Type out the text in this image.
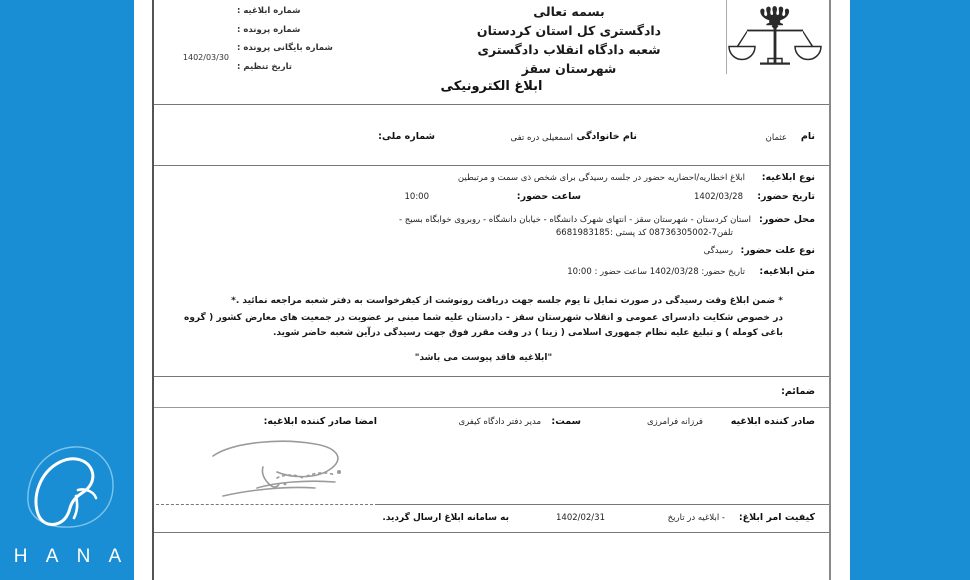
H A N A
بسمه تعالی
دادگستری کل استان کردستان
شعبه دادگاه انقلاب دادگستری
شهرستان سقز
شماره ابلاغیه :
شماره پرونده :
شماره بایگانی پرونده :
تاریخ تنظیم :
1402/03/30
ابلاغ الکترونیکی
نام
عثمان
نام خانوادگی
اسمعیلی دره تفی
شماره ملی:
نوع ابلاغیه:
ابلاغ اخطاریه/احضاریه حضور در جلسه رسیدگی برای شخص ذی سمت و مرتبطین
تاریخ حضور:
1402/03/28
ساعت حضور:
10:00
محل حضور:
استان کردستان - شهرستان سقز - انتهای شهرک دانشگاه - خیابان دانشگاه - روبروی خوابگاه بسیج -
تلفن7-08736305002 کد پستی :6681983185
نوع علت حضور:
رسیدگی
متن ابلاغیه:
تاریخ حضور: 1402/03/28 ساعت حضور : 10:00

* ضمن ابلاغ وقت رسیدگی در صورت تمایل تا یوم جلسه جهت دریافت رونوشت از کیفرخواست به دفتر شعبه مراجعه نمائید .*

در خصوص شکایت دادسرای عمومی و انقلاب شهرستان سقز - دادستان علیه شما مبنی بر عضویت در جمعیت های معارض کشور ( گروه باغی کومله ) و تبلیغ علیه نظام جمهوری اسلامی ( زینا ) در وقت مقرر فوق جهت رسیدگی درآین شعبه حاضر شوید.

"ابلاغیه فاقد پیوست می باشد"

ضمائم:
صادر کننده ابلاغیه
فرزانه فرامرزی
سمت:
مدیر دفتر دادگاه کیفری
امضا صادر کننده ابلاغیه:
کیفیت امر ابلاغ:
- ابلاغیه در تاریخ
1402/02/31
به سامانه ابلاغ ارسال گردید.
